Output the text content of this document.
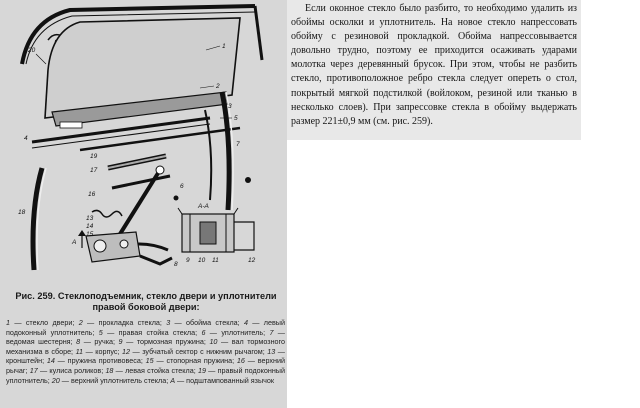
20
1
2
3
4
5
6
7
8
9 10 11	12
13
14
15
16
17
18
19
A
А-А

Рис. 259. Стеклоподъемник, стекло двери и уплотнители правой боковой двери:

1 — стекло двери; 2 — прокладка стекла; 3 — обойма стекла; 4 — левый подоконный уплотнитель; 5 — правая стойка стекла; 6 — уплотнитель; 7 — ведомая шестерня; 8 — ручка; 9 — тормозная пружина; 10 — вал тормозного механизма в сборе; 11 — корпус; 12 — зубчатый сектор с нижним рычагом; 13 — кронштейн; 14 — пружина противовеса; 15 — стопорная пружина; 16 — верхний рычаг; 17 — кулиса роликов; 18 — левая стойка стекла; 19 — правый подоконный уплотнитель; 20 — верхний уплотнитель стекла; A — подштампованный язычок

Если оконное стекло было разбито, то необходимо удалить из обоймы осколки и уплотнитель. На новое стекло напрессовать обойму с резиновой прокладкой. Обойма напрессовывается довольно трудно, поэтому ее приходится осаживать ударами молотка через деревянный брусок. При этом, чтобы не разбить стекло, противоположное ребро стекла следует опереть о стол, покрытый мягкой подстилкой (войлоком, резиной или тканью в несколько слоев). При запрессовке стекла в обойму выдержать размер 221±0,9 мм (см. рис. 259).
